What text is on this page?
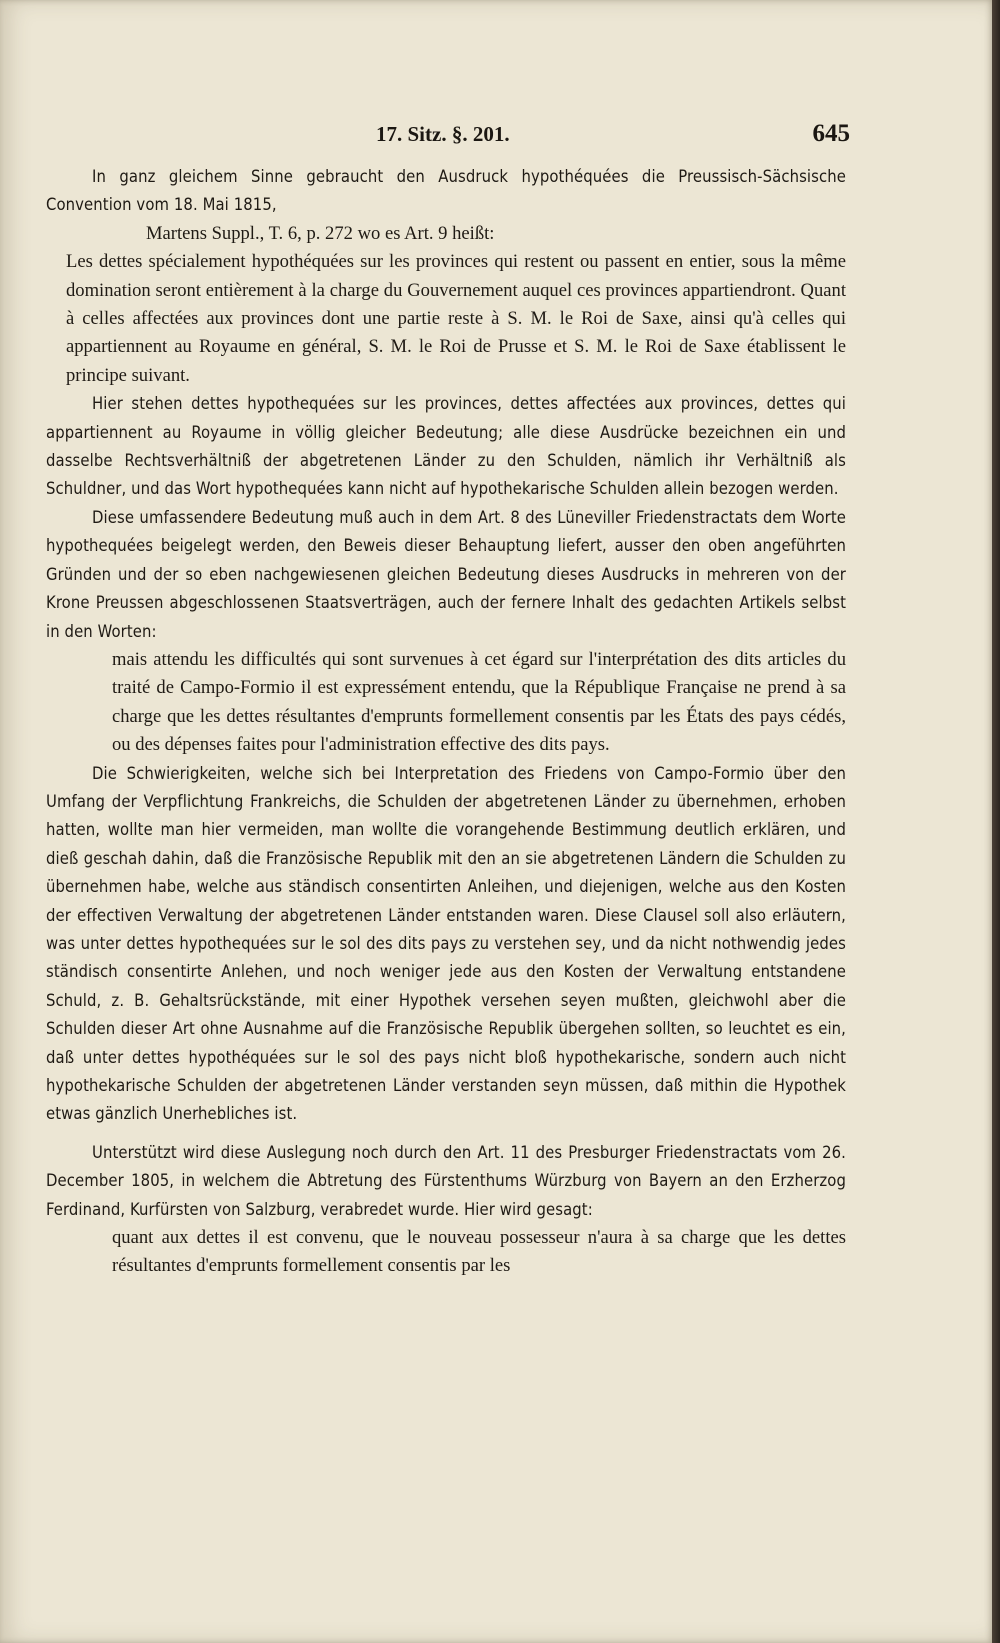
17. Sitz. §. 201.	645

In ganz gleichem Sinne gebraucht den Ausdruck hypothéquées die Preussisch-Sächsische Convention vom 18. Mai 1815,

Martens Suppl., T. 6, p. 272 wo es Art. 9 heißt:

Les dettes spécialement hypothéquées sur les provinces qui restent ou passent en entier, sous la même domination seront entièrement à la charge du Gouvernement auquel ces provinces appartiendront. Quant à celles affectées aux provinces dont une partie reste à S. M. le Roi de Saxe, ainsi qu'à celles qui appartiennent au Royaume en général, S. M. le Roi de Prusse et S. M. le Roi de Saxe établissent le principe suivant.

Hier stehen dettes hypothequées sur les provinces, dettes affectées aux provinces, dettes qui appartiennent au Royaume in völlig gleicher Bedeutung; alle diese Ausdrücke bezeichnen ein und dasselbe Rechtsverhältniß der abgetretenen Länder zu den Schulden, nämlich ihr Verhältniß als Schuldner, und das Wort hypothequées kann nicht auf hypothekarische Schulden allein bezogen werden.

Diese umfassendere Bedeutung muß auch in dem Art. 8 des Lüneviller Friedenstractats dem Worte hypothequées beigelegt werden, den Beweis dieser Behauptung liefert, ausser den oben angeführten Gründen und der so eben nachgewiesenen gleichen Bedeutung dieses Ausdrucks in mehreren von der Krone Preussen abgeschlossenen Staatsverträgen, auch der fernere Inhalt des gedachten Artikels selbst in den Worten:

mais attendu les difficultés qui sont survenues à cet égard sur l'interprétation des dits articles du traité de Campo-Formio il est expressément entendu, que la République Française ne prend à sa charge que les dettes résultantes d'emprunts formellement consentis par les États des pays cédés, ou des dépenses faites pour l'administration effective des dits pays.

Die Schwierigkeiten, welche sich bei Interpretation des Friedens von Campo-Formio über den Umfang der Verpflichtung Frankreichs, die Schulden der abgetretenen Länder zu übernehmen, erhoben hatten, wollte man hier vermeiden, man wollte die vorangehende Bestimmung deutlich erklären, und dieß geschah dahin, daß die Französische Republik mit den an sie abgetretenen Ländern die Schulden zu übernehmen habe, welche aus ständisch consentirten Anleihen, und diejenigen, welche aus den Kosten der effectiven Verwaltung der abgetretenen Länder entstanden waren. Diese Clausel soll also erläutern, was unter dettes hypothequées sur le sol des dits pays zu verstehen sey, und da nicht nothwendig jedes ständisch consentirte Anlehen, und noch weniger jede aus den Kosten der Verwaltung entstandene Schuld, z. B. Gehaltsrückstände, mit einer Hypothek versehen seyen mußten, gleichwohl aber die Schulden dieser Art ohne Ausnahme auf die Französische Republik übergehen sollten, so leuchtet es ein, daß unter dettes hypothéquées sur le sol des pays nicht bloß hypothekarische, sondern auch nicht hypothekarische Schulden der abgetretenen Länder verstanden seyn müssen, daß mithin die Hypothek etwas gänzlich Unerhebliches ist.

Unterstützt wird diese Auslegung noch durch den Art. 11 des Presburger Friedenstractats vom 26. December 1805, in welchem die Abtretung des Fürstenthums Würzburg von Bayern an den Erzherzog Ferdinand, Kurfürsten von Salzburg, verabredet wurde. Hier wird gesagt:

quant aux dettes il est convenu, que le nouveau possesseur n'aura à sa charge que les dettes résultantes d'emprunts formellement consentis par les
